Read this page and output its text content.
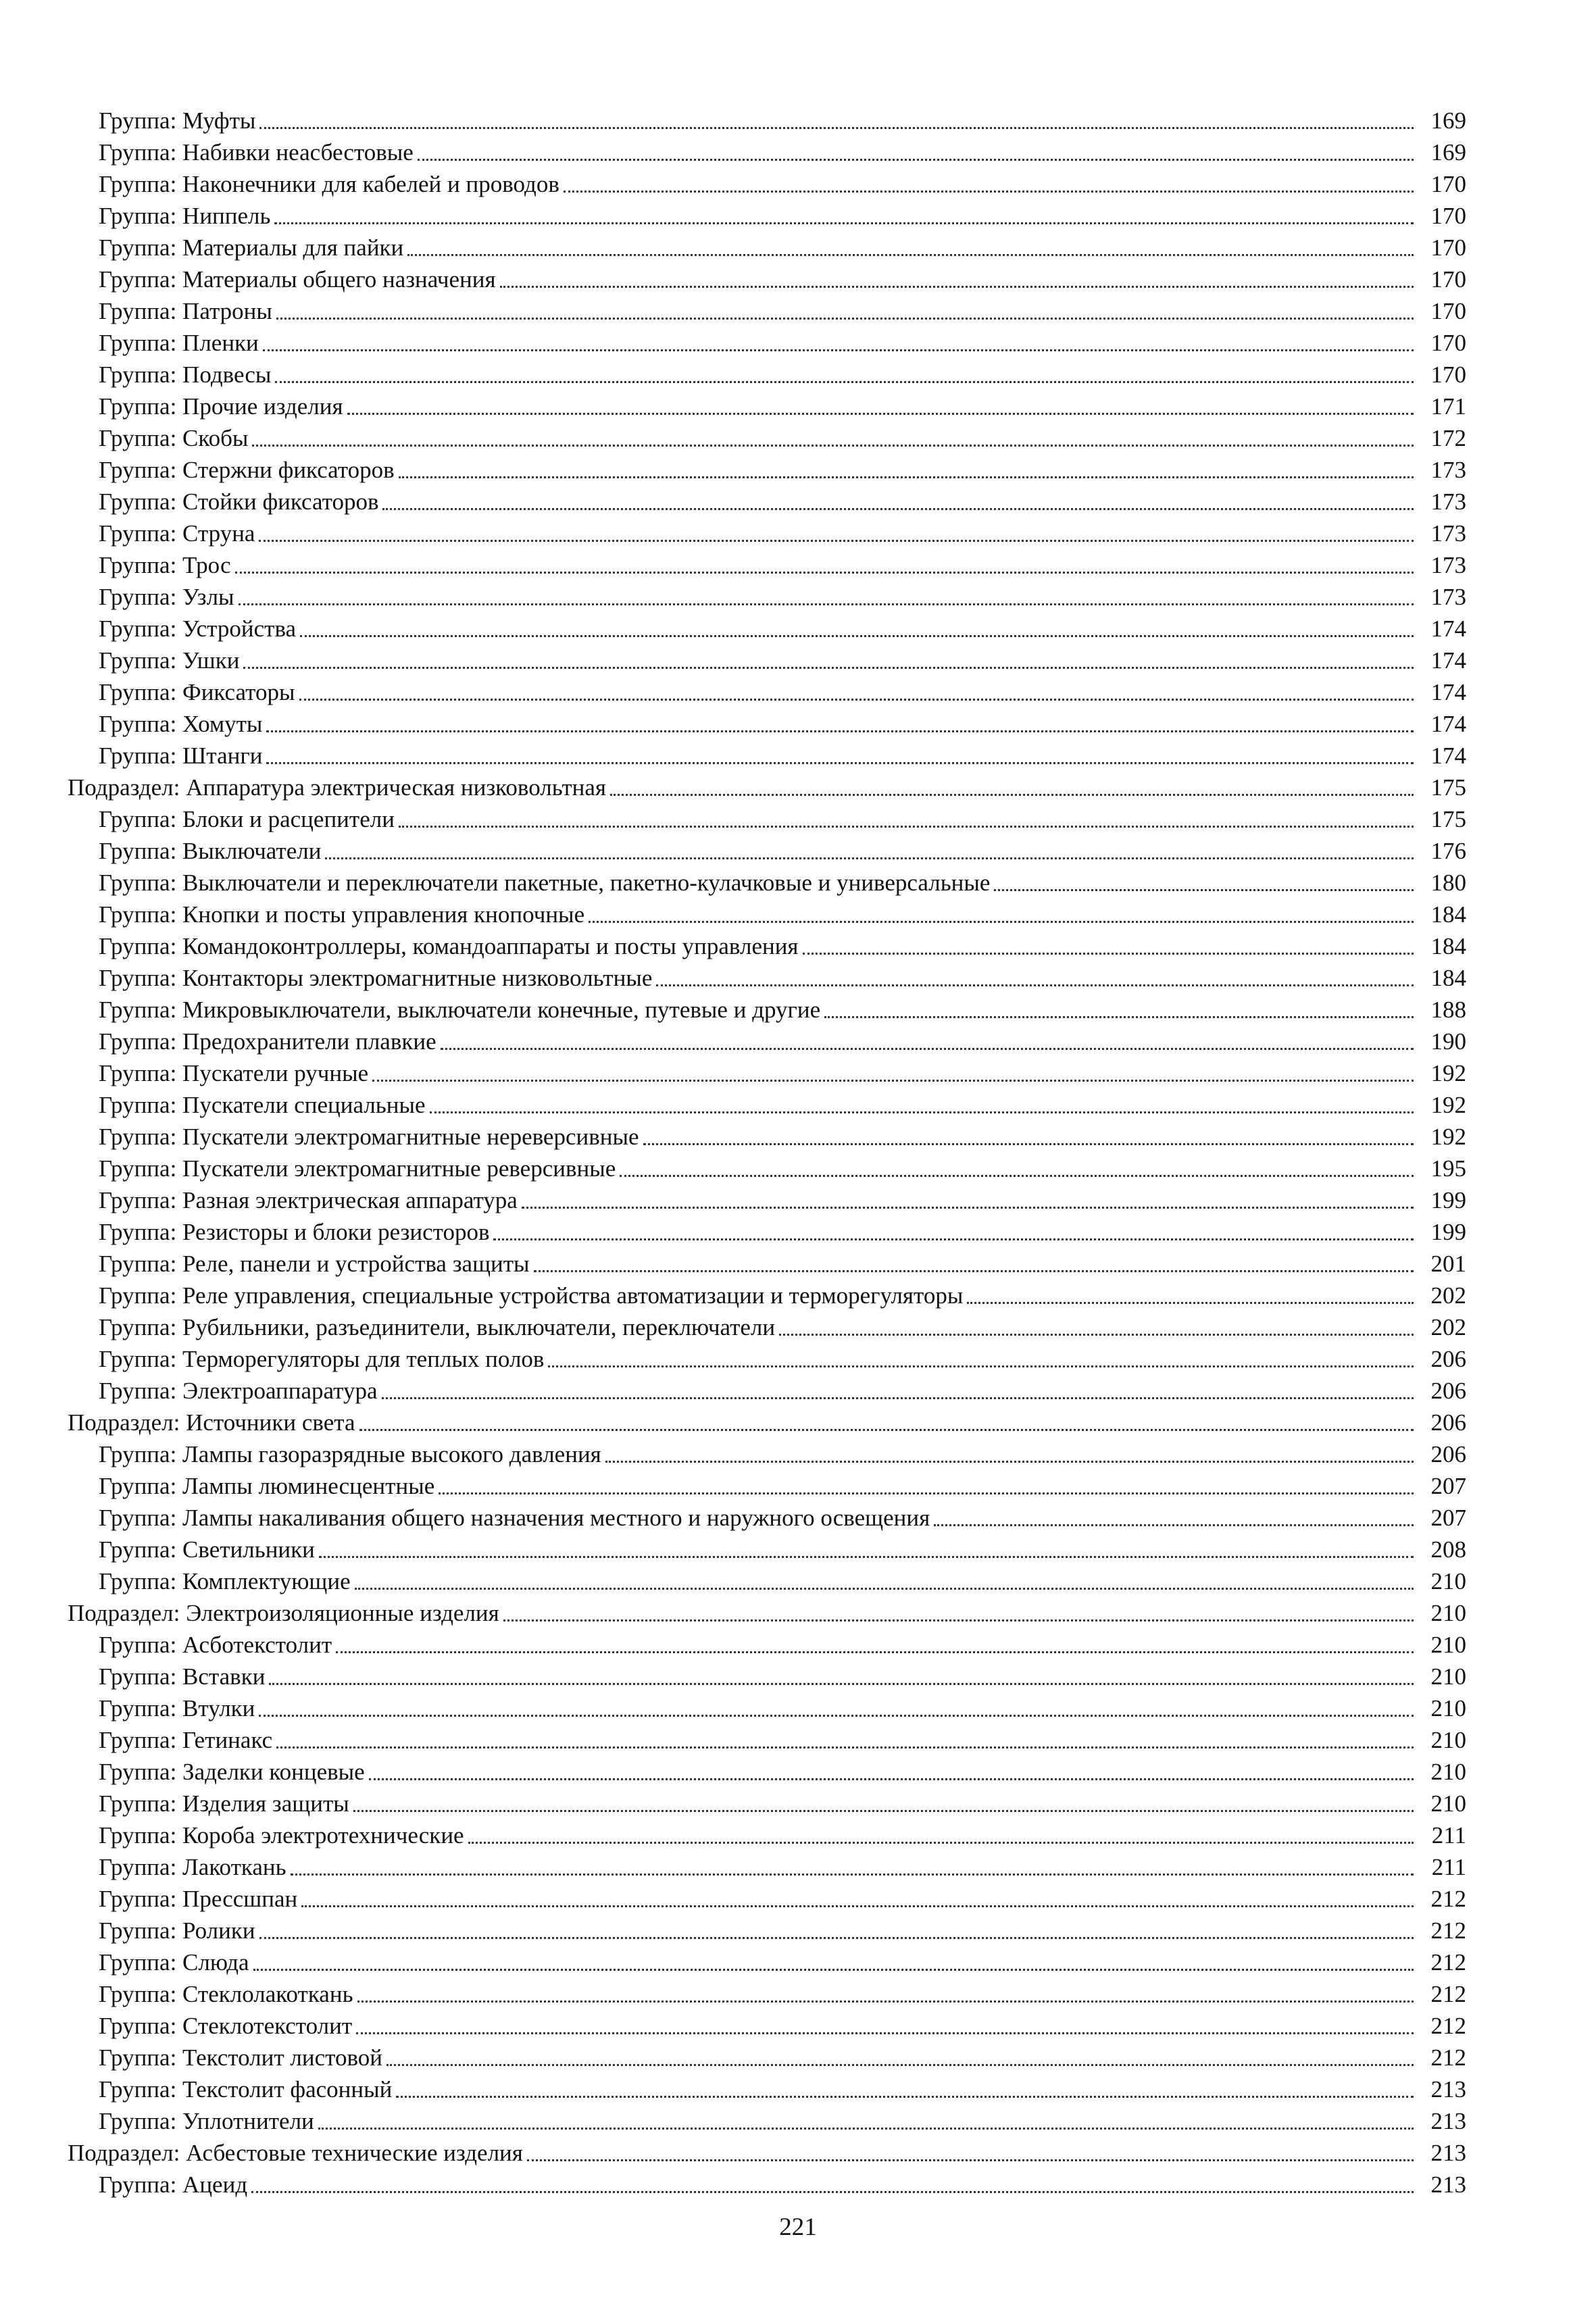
Группа: Муфты	169
Группа: Набивки неасбестовые	169
Группа: Наконечники для кабелей и проводов	170
Группа: Ниппель	170
Группа: Материалы для пайки	170
Группа: Материалы общего назначения	170
Группа: Патроны	170
Группа: Пленки	170
Группа: Подвесы	170
Группа: Прочие изделия	171
Группа: Скобы	172
Группа: Стержни фиксаторов	173
Группа: Стойки фиксаторов	173
Группа: Струна	173
Группа: Трос	173
Группа: Узлы	173
Группа: Устройства	174
Группа: Ушки	174
Группа: Фиксаторы	174
Группа: Хомуты	174
Группа: Штанги	174
Подраздел: Аппаратура электрическая низковольтная	175
Группа: Блоки и расцепители	175
Группа: Выключатели	176
Группа: Выключатели и переключатели пакетные, пакетно-кулачковые и универсальные	180
Группа: Кнопки и посты управления кнопочные	184
Группа: Командоконтроллеры, командоаппараты и посты управления	184
Группа: Контакторы электромагнитные низковольтные	184
Группа: Микровыключатели, выключатели конечные, путевые и другие	188
Группа: Предохранители плавкие	190
Группа: Пускатели ручные	192
Группа: Пускатели специальные	192
Группа: Пускатели электромагнитные нереверсивные	192
Группа: Пускатели электромагнитные реверсивные	195
Группа: Разная электрическая аппаратура	199
Группа: Резисторы и блоки резисторов	199
Группа: Реле, панели и устройства защиты	201
Группа: Реле управления, специальные устройства автоматизации и терморегуляторы	202
Группа: Рубильники, разъединители, выключатели, переключатели	202
Группа: Терморегуляторы для теплых полов	206
Группа: Электроаппаратура	206
Подраздел: Источники света	206
Группа: Лампы газоразрядные высокого давления	206
Группа: Лампы люминесцентные	207
Группа: Лампы накаливания общего назначения местного и наружного освещения	207
Группа: Светильники	208
Группа: Комплектующие	210
Подраздел: Электроизоляционные изделия	210
Группа: Асботекстолит	210
Группа: Вставки	210
Группа: Втулки	210
Группа: Гетинакс	210
Группа: Заделки концевые	210
Группа: Изделия защиты	210
Группа: Короба электротехнические	211
Группа: Лакоткань	211
Группа: Прессшпан	212
Группа: Ролики	212
Группа: Слюда	212
Группа: Стеклолакоткань	212
Группа: Стеклотекстолит	212
Группа: Текстолит листовой	212
Группа: Текстолит фасонный	213
Группа: Уплотнители	213
Подраздел: Асбестовые технические изделия	213
Группа: Ацеид	213
221
